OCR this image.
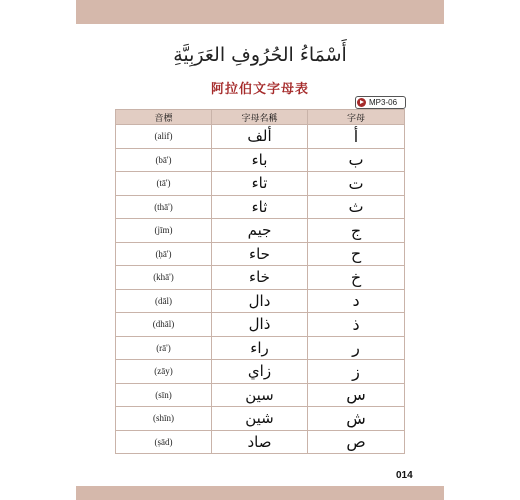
أَسْمَاءُ الحُرُوفِ العَرَبِيَّةِ
阿拉伯文字母表
MP3-06
音標	字母名稱	字母
(alif)	ألف	أ
(bā')	باء	ب
(tā')	تاء	ت
(thā')	ثاء	ث
(jīm)	جيم	ج
(ḥā')	حاء	ح
(khā')	خاء	خ
(dāl)	دال	د
(dhāl)	ذال	ذ
(rā')	راء	ر
(zāy)	زاي	ز
(sīn)	سين	س
(shīn)	شين	ش
(ṣād)	صاد	ص
014
